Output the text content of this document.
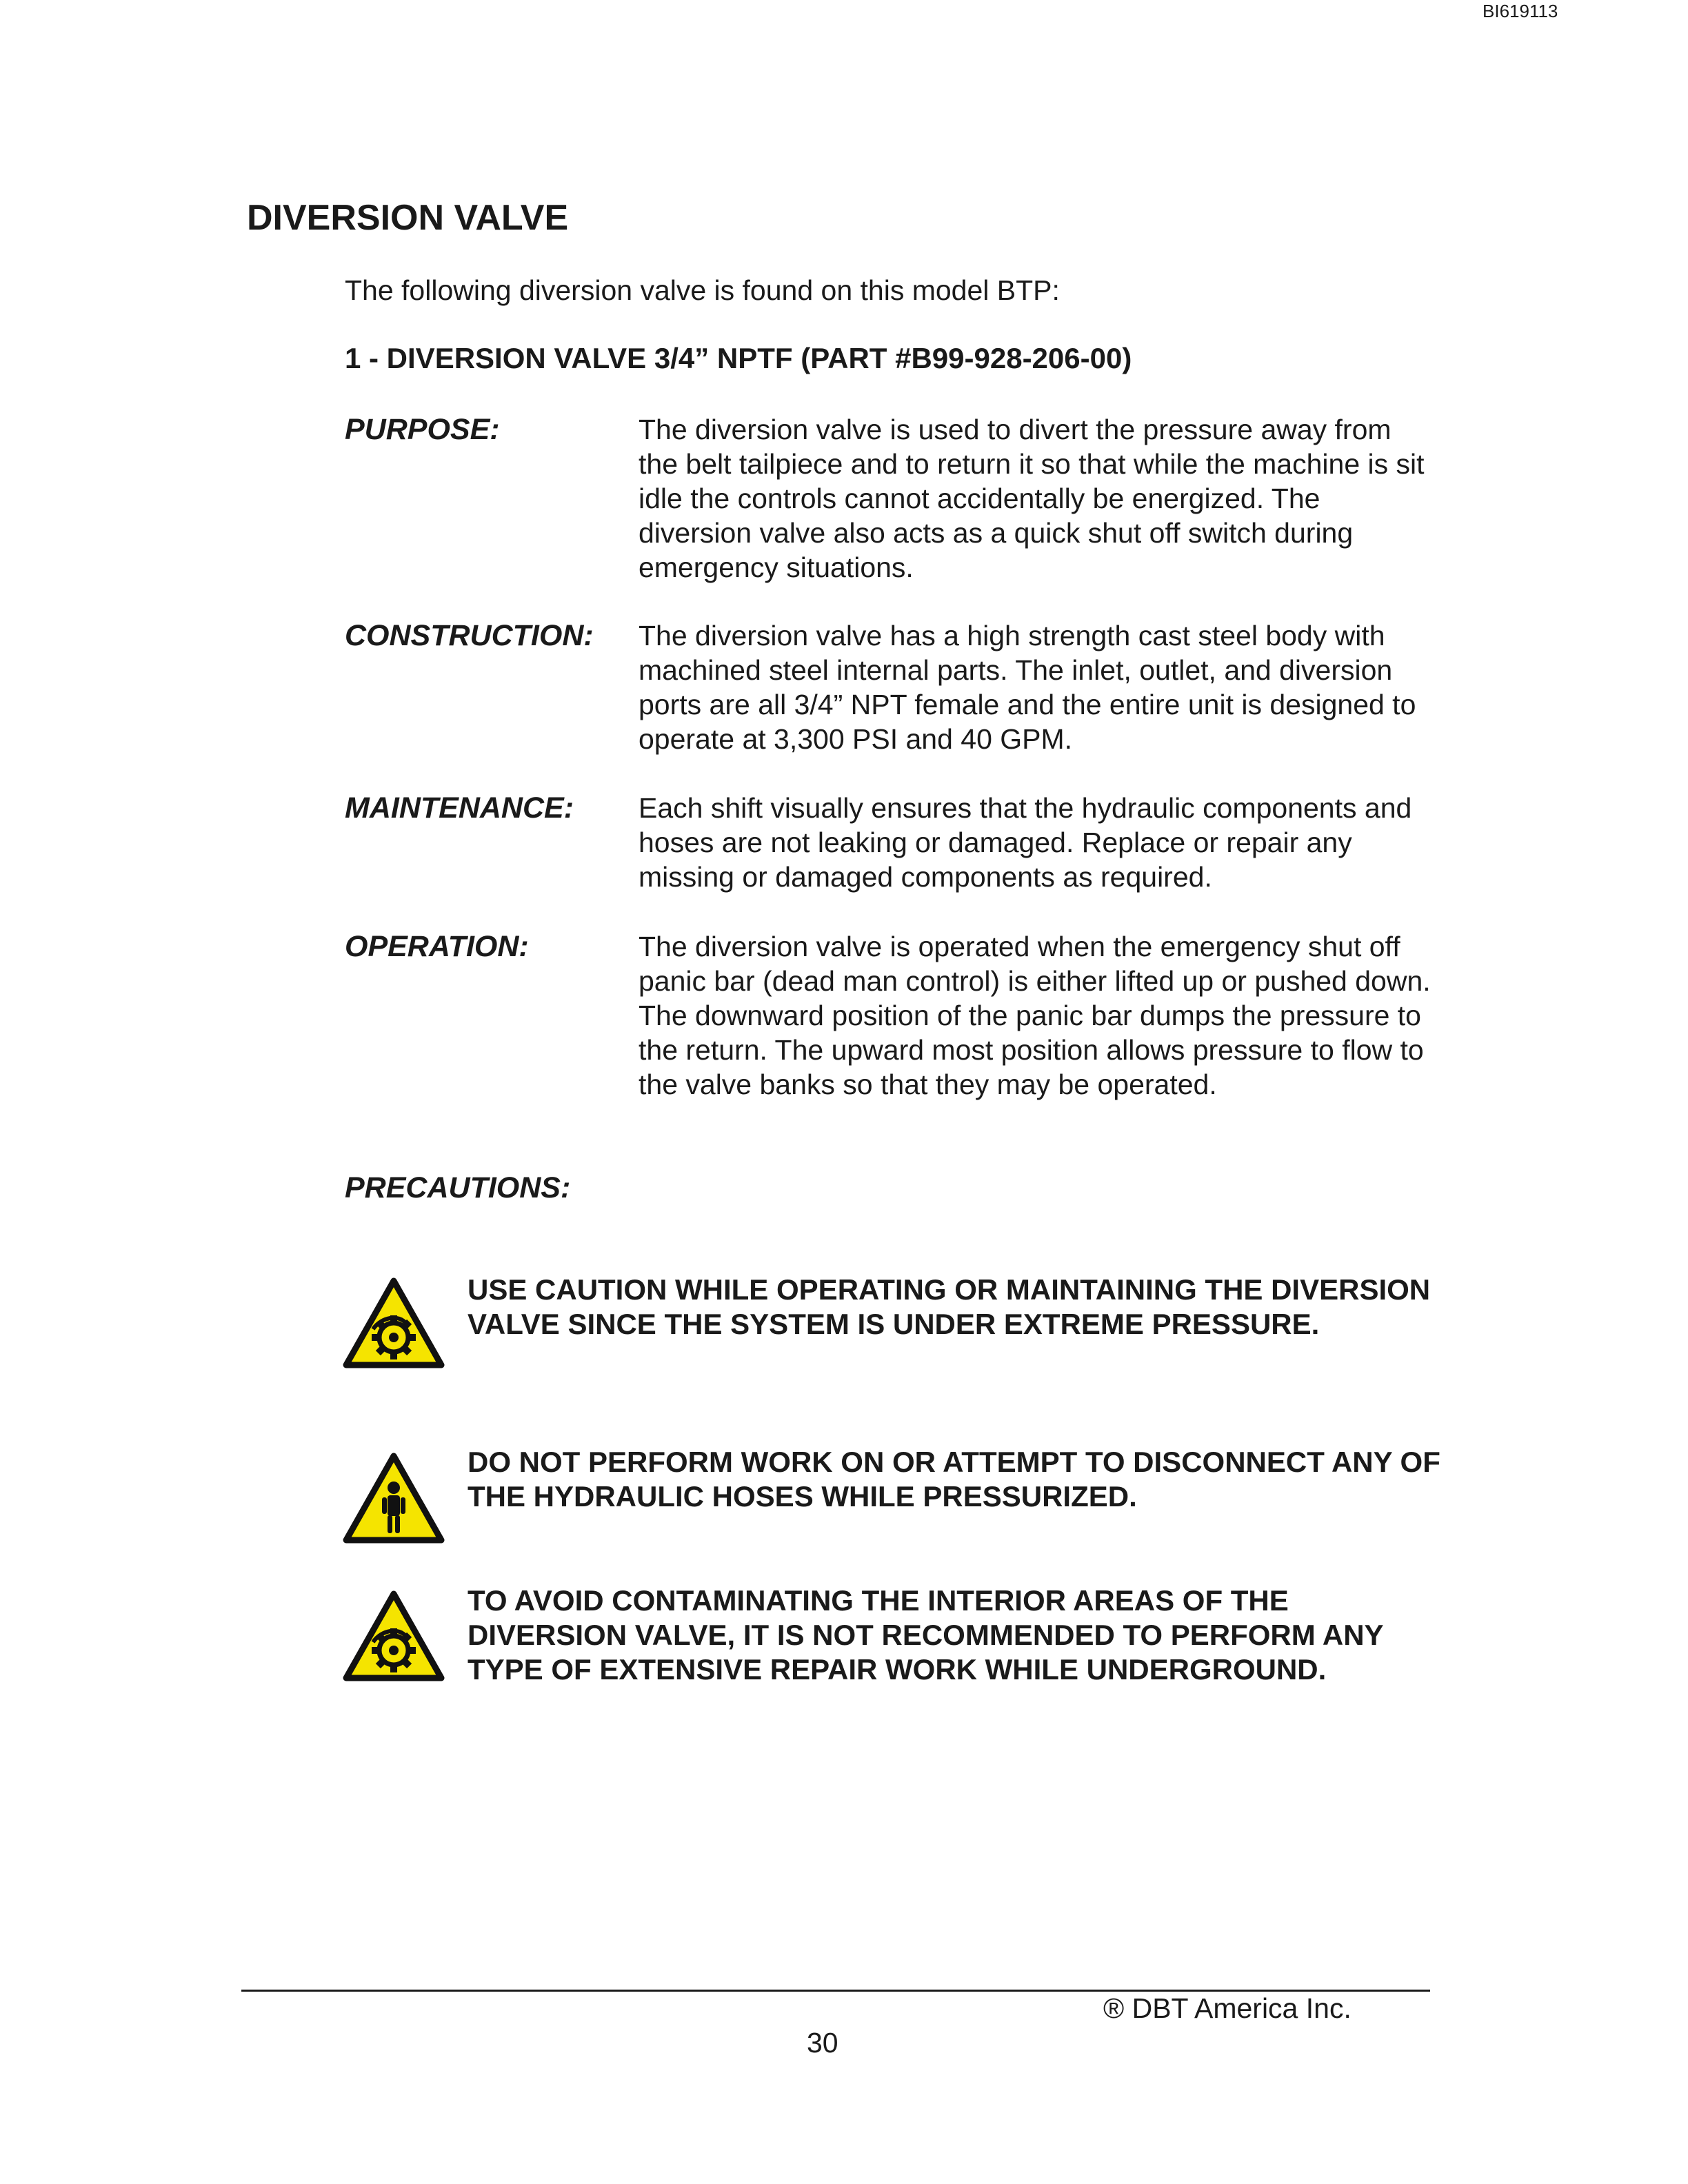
BI619113
DIVERSION VALVE
The following diversion valve is found on this model BTP:
1 - DIVERSION VALVE 3/4” NPTF (PART #B99-928-206-00)
PURPOSE:	The diversion valve is used to divert the pressure away from the belt tailpiece and to return it so that while the machine is sit idle the controls cannot accidentally be energized. The diversion valve also acts as a quick shut off switch during emergency situations.
CONSTRUCTION: The diversion valve has a high strength cast steel body with machined steel internal parts. The inlet, outlet, and diversion ports are all 3/4” NPT female and the entire unit is designed to operate at 3,300 PSI and 40 GPM.
MAINTENANCE: Each shift visually ensures that the hydraulic components and hoses are not leaking or damaged. Replace or repair any missing or damaged components as required.
OPERATION:	The diversion valve is operated when the emergency shut off panic bar (dead man control) is either lifted up or pushed down. The downward position of the panic bar dumps the pressure to the return. The upward most position allows pressure to flow to the valve banks so that they may be operated.
PRECAUTIONS:
USE CAUTION WHILE OPERATING OR MAINTAINING THE DIVERSION VALVE SINCE THE SYSTEM IS UNDER EXTREME PRESSURE.
DO NOT PERFORM WORK ON OR ATTEMPT TO DISCONNECT ANY OF THE HYDRAULIC HOSES WHILE PRESSURIZED.
TO AVOID CONTAMINATING THE INTERIOR AREAS OF THE DIVERSION VALVE, IT IS NOT RECOMMENDED TO PERFORM ANY TYPE OF EXTENSIVE REPAIR WORK WHILE UNDERGROUND.
® DBT America Inc.
30
